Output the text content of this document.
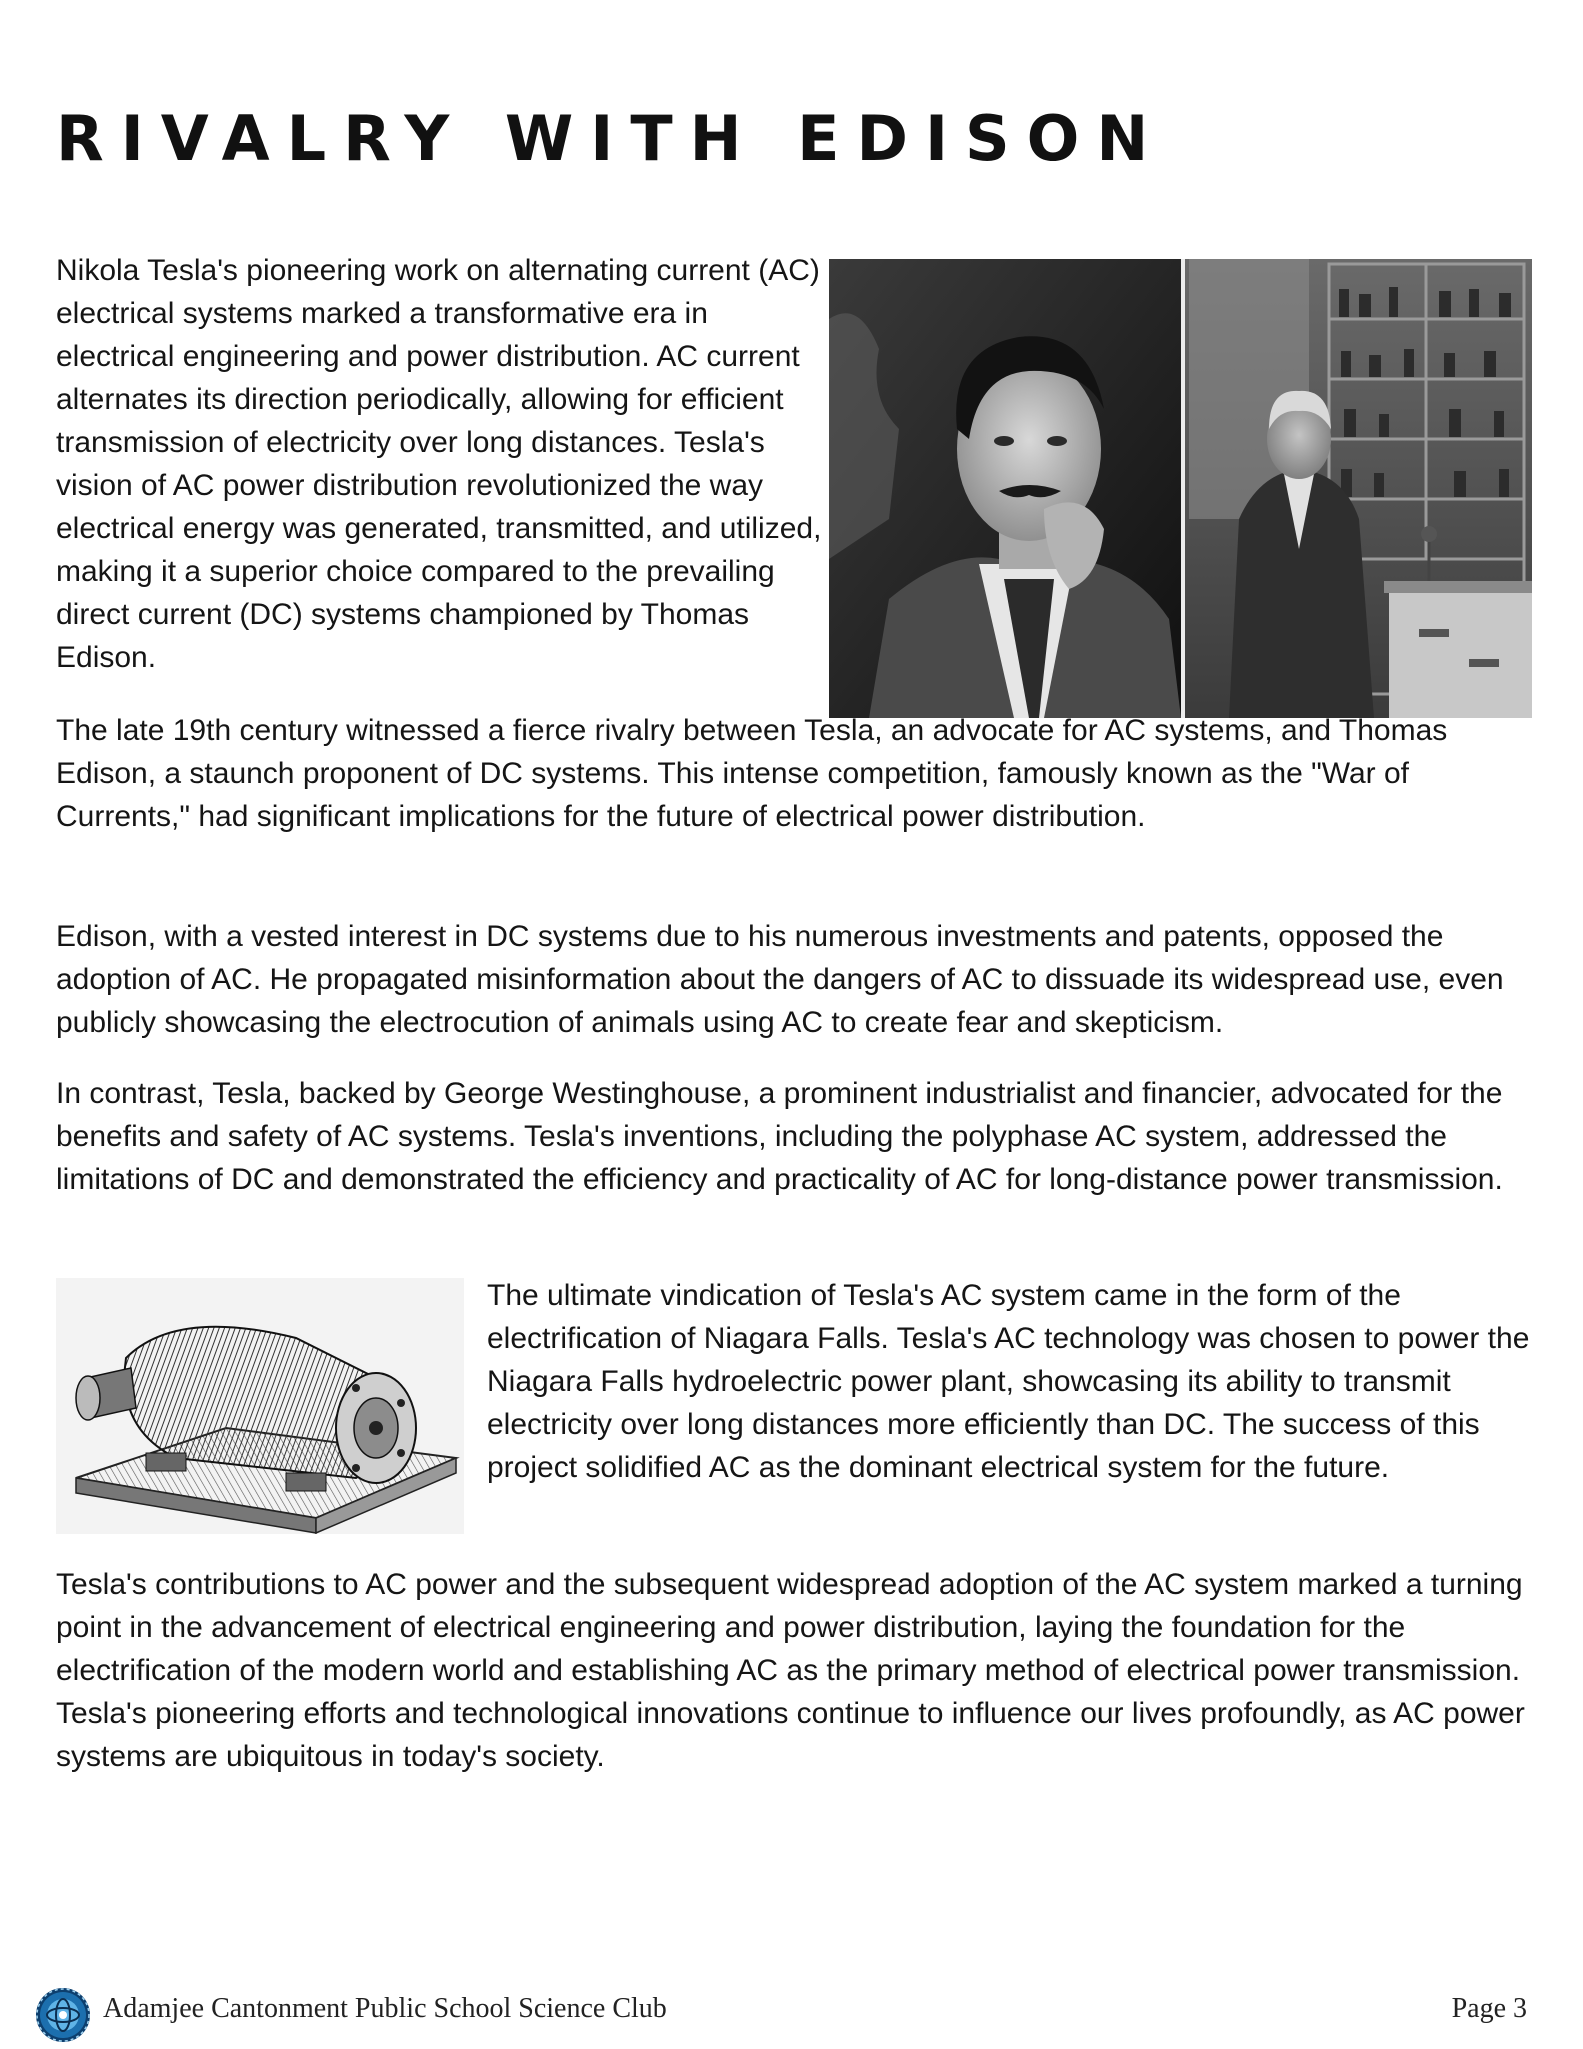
RIVALRY WITH EDISON

Nikola Tesla's pioneering work on alternating current (AC) electrical systems marked a transformative era in electrical engineering and power distribution. AC current alternates its direction periodically, allowing for efficient transmission of electricity over long distances. Tesla's vision of AC power distribution revolutionized the way electrical energy was generated, transmitted, and utilized, making it a superior choice compared to the prevailing direct current (DC) systems championed by Thomas Edison.

The late 19th century witnessed a fierce rivalry between Tesla, an advocate for AC systems, and Thomas Edison, a staunch proponent of DC systems. This intense competition, famously known as the "War of Currents," had significant implications for the future of electrical power distribution.

Edison, with a vested interest in DC systems due to his numerous investments and patents, opposed the adoption of AC. He propagated misinformation about the dangers of AC to dissuade its widespread use, even publicly showcasing the electrocution of animals using AC to create fear and skepticism.

In contrast, Tesla, backed by George Westinghouse, a prominent industrialist and financier, advocated for the benefits and safety of AC systems. Tesla's inventions, including the polyphase AC system, addressed the limitations of DC and demonstrated the efficiency and practicality of AC for long-distance power transmission.

The ultimate vindication of Tesla's AC system came in the form of the electrification of Niagara Falls. Tesla's AC technology was chosen to power the Niagara Falls hydroelectric power plant, showcasing its ability to transmit electricity over long distances more efficiently than DC. The success of this project solidified AC as the dominant electrical system for the future.

Tesla's contributions to AC power and the subsequent widespread adoption of the AC system marked a turning point in the advancement of electrical engineering and power distribution, laying the foundation for the electrification of the modern world and establishing AC as the primary method of electrical power transmission. Tesla's pioneering efforts and technological innovations continue to influence our lives profoundly, as AC power systems are ubiquitous in today's society.

Adamjee Cantonment Public School Science Club	Page 3
